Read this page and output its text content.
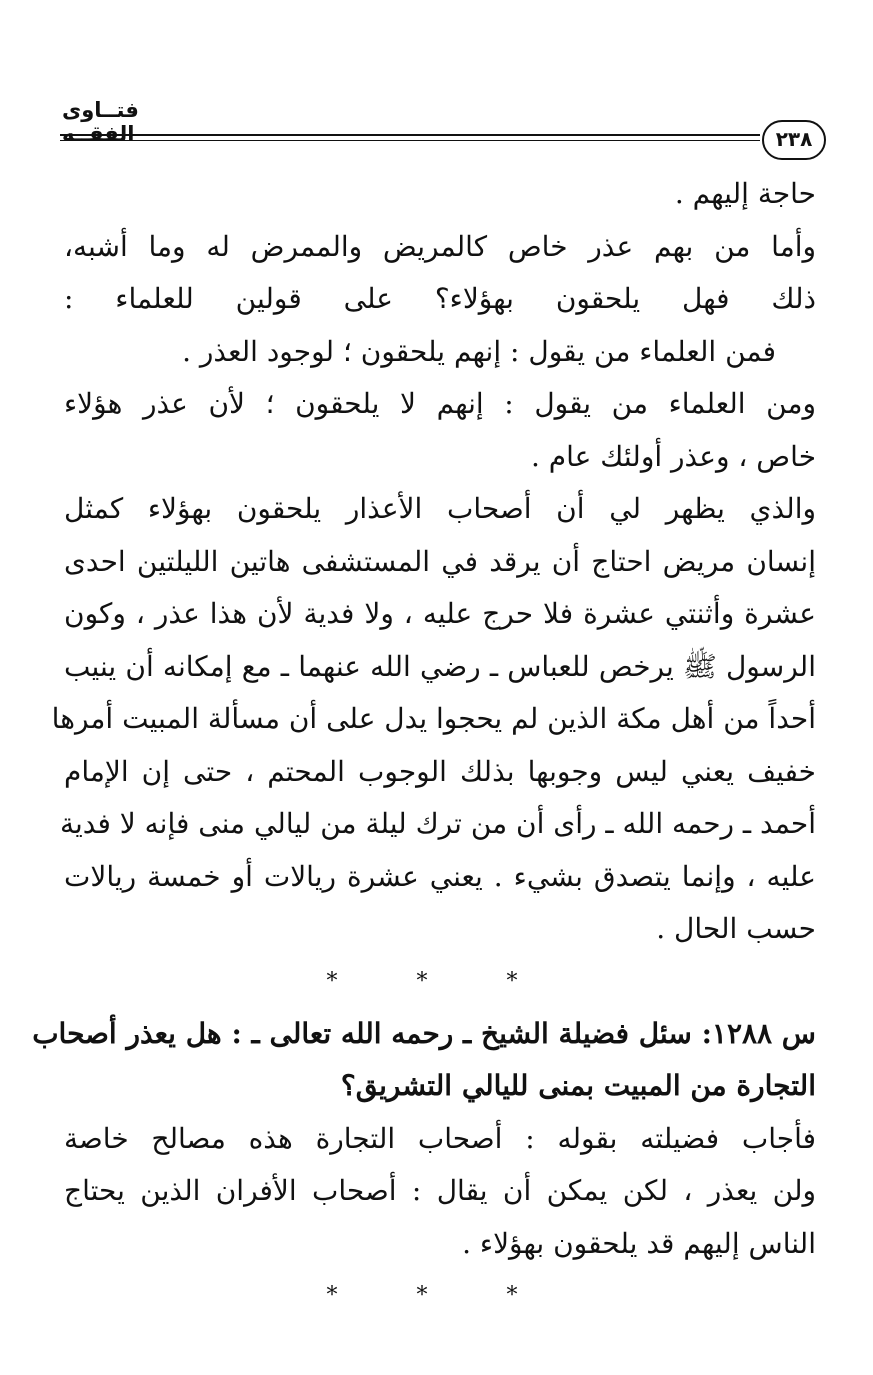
فتــاوى الفقــه	٢٣٨
حاجة إليهم .
وأما من بهم عذر خاص كالمريض والممرض له وما أشبه،
ذلك فهل يلحقون بهؤلاء؟ على قولين للعلماء :
فمن العلماء من يقول : إنهم يلحقون ؛ لوجود العذر .
ومن العلماء من يقول : إنهم لا يلحقون ؛ لأن عذر هؤلاء
خاص ، وعذر أولئك عام .
والذي يظهر لي أن أصحاب الأعذار يلحقون بهؤلاء كمثل
إنسان مريض احتاج أن يرقد في المستشفى هاتين الليلتين احدى
عشرة وأثنتي عشرة فلا حرج عليه ، ولا فدية لأن هذا عذر ، وكون
الرسول ﷺ يرخص للعباس ـ رضي الله عنهما ـ مع إمكانه أن ينيب
أحداً من أهل مكة الذين لم يحجوا يدل على أن مسألة المبيت أمرها
خفيف يعني ليس وجوبها بذلك الوجوب المحتم ، حتى إن الإمام
أحمد ـ رحمه الله ـ رأى أن من ترك ليلة من ليالي منى فإنه لا فدية
عليه ، وإنما يتصدق بشيء . يعني عشرة ريالات أو خمسة ريالات
حسب الحال .
* * *
س ١٢٨٨: سئل فضيلة الشيخ ـ رحمه الله تعالى ـ : هل يعذر أصحاب
التجارة من المبيت بمنى لليالي التشريق؟
فأجاب فضيلته بقوله : أصحاب التجارة هذه مصالح خاصة
ولن يعذر ، لكن يمكن أن يقال : أصحاب الأفران الذين يحتاج
الناس إليهم قد يلحقون بهؤلاء .
* * *
